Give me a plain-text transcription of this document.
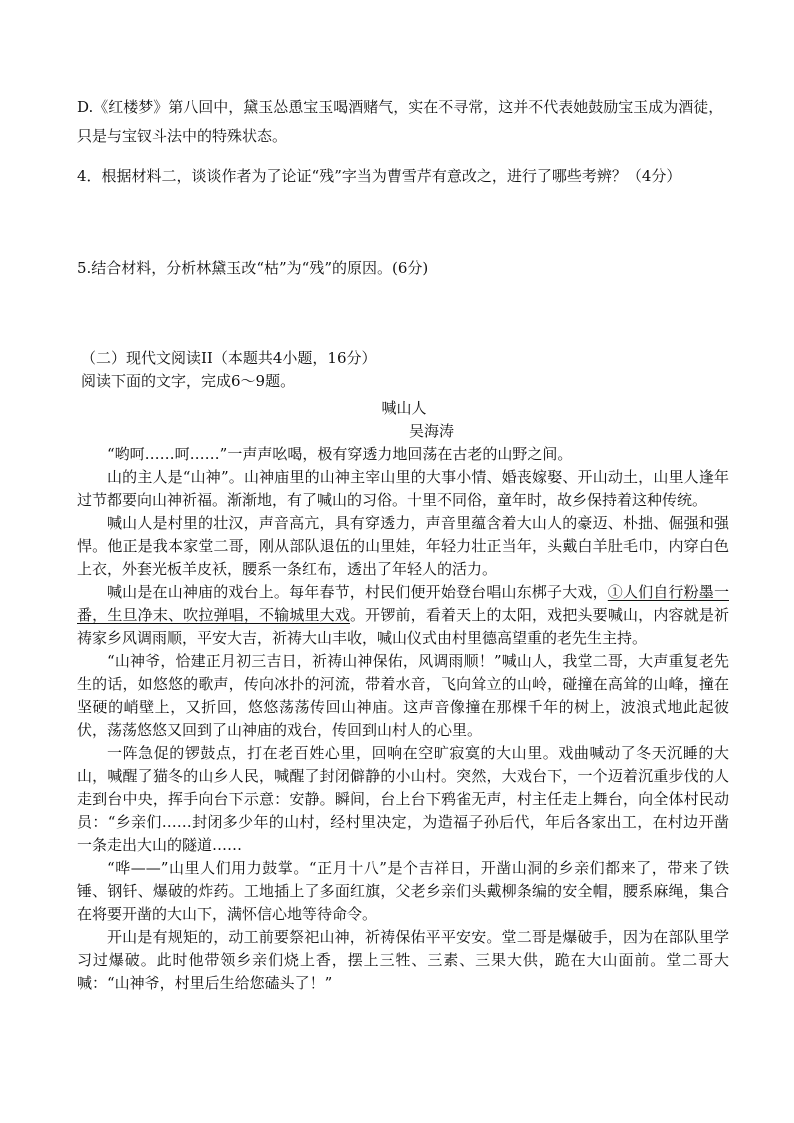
D.《红楼梦》第八回中，黛玉怂恿宝玉喝酒赌气，实在不寻常，这并不代表她鼓励宝玉成为酒徒，只是与宝钗斗法中的特殊状态。

4．根据材料二，谈谈作者为了论证“残”字当为曹雪芹有意改之，进行了哪些考辨？（4分）

5.结合材料，分析林黛玉改“枯”为“残”的原因。(6分)

（二）现代文阅读II（本题共4小题，16分）
阅读下面的文字，完成6～9题。
喊山人
吴海涛

“哟呵……呵……”一声声吆喝，极有穿透力地回荡在古老的山野之间。

山的主人是“山神”。山神庙里的山神主宰山里的大事小情、婚丧嫁娶、开山动土，山里人逢年过节都要向山神祈福。渐渐地，有了喊山的习俗。十里不同俗，童年时，故乡保持着这种传统。

喊山人是村里的壮汉，声音高亢，具有穿透力，声音里蕴含着大山人的豪迈、朴拙、倔强和强悍。他正是我本家堂二哥，刚从部队退伍的山里娃，年轻力壮正当年，头戴白羊肚毛巾，内穿白色上衣，外套光板羊皮袄，腰系一条红布，透出了年轻人的活力。

喊山是在山神庙的戏台上。每年春节，村民们便开始登台唱山东梆子大戏，①人们自行粉墨一番，生旦净末、吹拉弹唱，不输城里大戏。开锣前，看着天上的太阳，戏把头要喊山，内容就是祈祷家乡风调雨顺，平安大吉，祈祷大山丰收，喊山仪式由村里德高望重的老先生主持。

“山神爷，恰建正月初三吉日，祈祷山神保佑，风调雨顺！”喊山人，我堂二哥，大声重复老先生的话，如悠悠的歌声，传向冰扑的河流，带着水音，飞向耸立的山岭，碰撞在高耸的山峰，撞在坚硬的峭壁上，又折回，悠悠荡荡传回山神庙。这声音像撞在那棵千年的树上，波浪式地此起彼伏，荡荡悠悠又回到了山神庙的戏台，传回到山村人的心里。

一阵急促的锣鼓点，打在老百姓心里，回响在空旷寂寞的大山里。戏曲喊动了冬天沉睡的大山，喊醒了猫冬的山乡人民，喊醒了封闭僻静的小山村。突然，大戏台下，一个迈着沉重步伐的人走到台中央，挥手向台下示意：安静。瞬间，台上台下鸦雀无声，村主任走上舞台，向全体村民动员：“乡亲们……封闭多少年的山村，经村里决定，为造福子孙后代，年后各家出工，在村边开凿一条走出大山的隧道……

“哗——”山里人们用力鼓掌。“正月十八”是个吉祥日，开凿山洞的乡亲们都来了，带来了铁锤、钢钎、爆破的炸药。工地插上了多面红旗，父老乡亲们头戴柳条编的安全帽，腰系麻绳，集合在将要开凿的大山下，满怀信心地等待命令。

开山是有规矩的，动工前要祭祀山神，祈祷保佑平平安安。堂二哥是爆破手，因为在部队里学习过爆破。此时他带领乡亲们烧上香，摆上三牲、三素、三果大供，跪在大山面前。堂二哥大喊：“山神爷，村里后生给您磕头了！”
